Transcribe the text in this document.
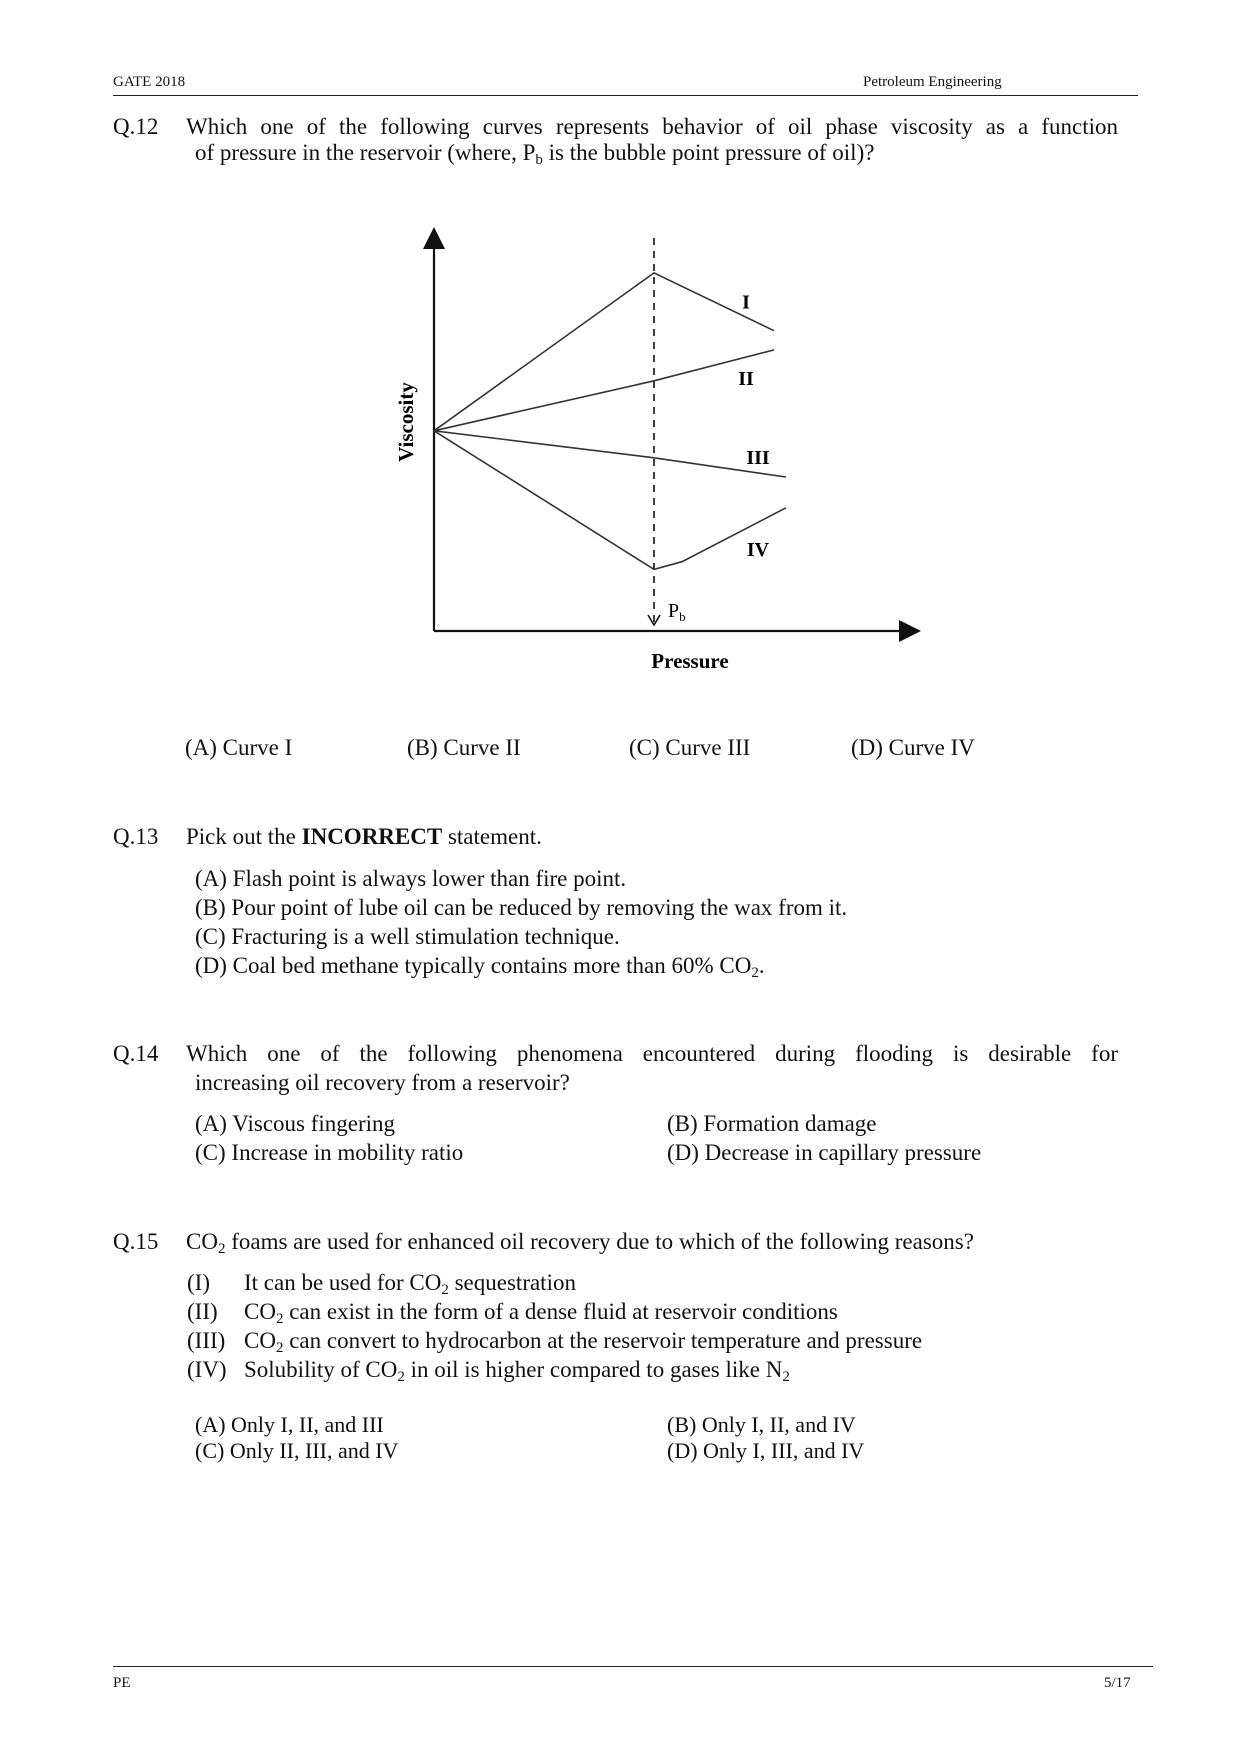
GATE 2018	Petroleum Engineering
Q.12 Which one of the following curves represents behavior of oil phase viscosity as a function
of pressure in the reservoir (where, $P_b$ is the bubble point pressure of oil)?
I
II
III
IV
$P_b$
Pressure
Viscosity
(A) Curve I	(B) Curve II	(C) Curve III	(D) Curve IV
Q.13 Pick out the INCORRECT statement.
(A) Flash point is always lower than fire point.
(B) Pour point of lube oil can be reduced by removing the wax from it.
(C) Fracturing is a well stimulation technique.
(D) Coal bed methane typically contains more than 60% $CO_2$.
Q.14 Which one of the following phenomena encountered during flooding is desirable for
increasing oil recovery from a reservoir?
(A) Viscous fingering	(B) Formation damage
(C) Increase in mobility ratio	(D) Decrease in capillary pressure
Q.15 $CO_2$ foams are used for enhanced oil recovery due to which of the following reasons?
(I) It can be used for $CO_2$ sequestration
(II) $CO_2$ can exist in the form of a dense fluid at reservoir conditions
(III) $CO_2$ can convert to hydrocarbon at the reservoir temperature and pressure
(IV) Solubility of $CO_2$ in oil is higher compared to gases like $N_2$
(A) Only I, II, and III	(B) Only I, II, and IV
(C) Only II, III, and IV	(D) Only I, III, and IV
PE	5/17
